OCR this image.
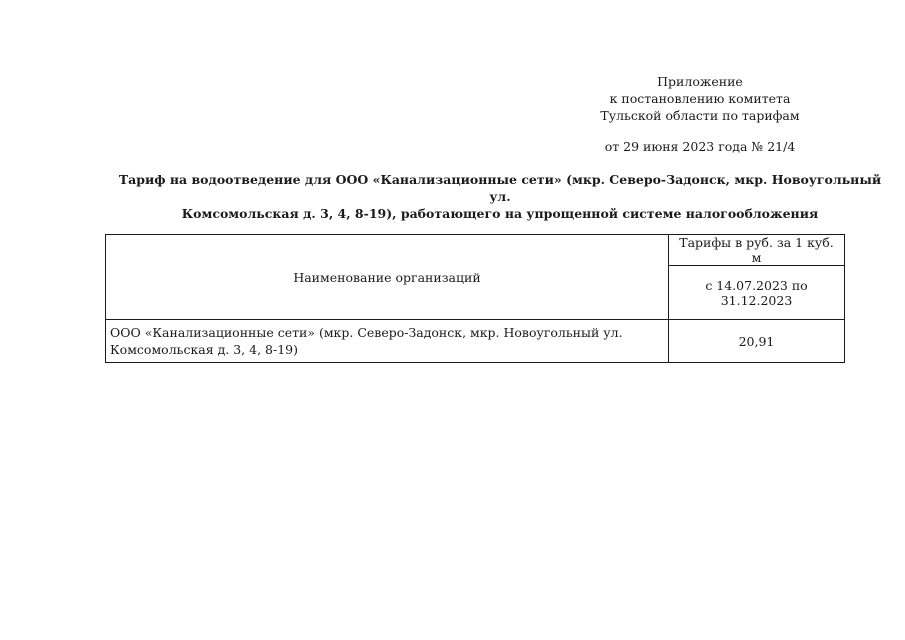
Приложение
к постановлению комитета
Тульской области по тарифам
от 29 июня 2023 года № 21/4
Тариф на водоотведение для ООО «Канализационные сети» (мкр. Северо-Задонск, мкр. Новоугольный ул.
Комсомольская д. 3, 4, 8-19), работающего на упрощенной системе налогообложения
Наименование организаций	Тарифы в руб. за 1 куб. м
	с 14.07.2023 по 31.12.2023

ООО «Канализационные сети» (мкр. Северо-Задонск, мкр. Новоугольный ул.
Комсомольская д. 3, 4, 8-19)	20,91
